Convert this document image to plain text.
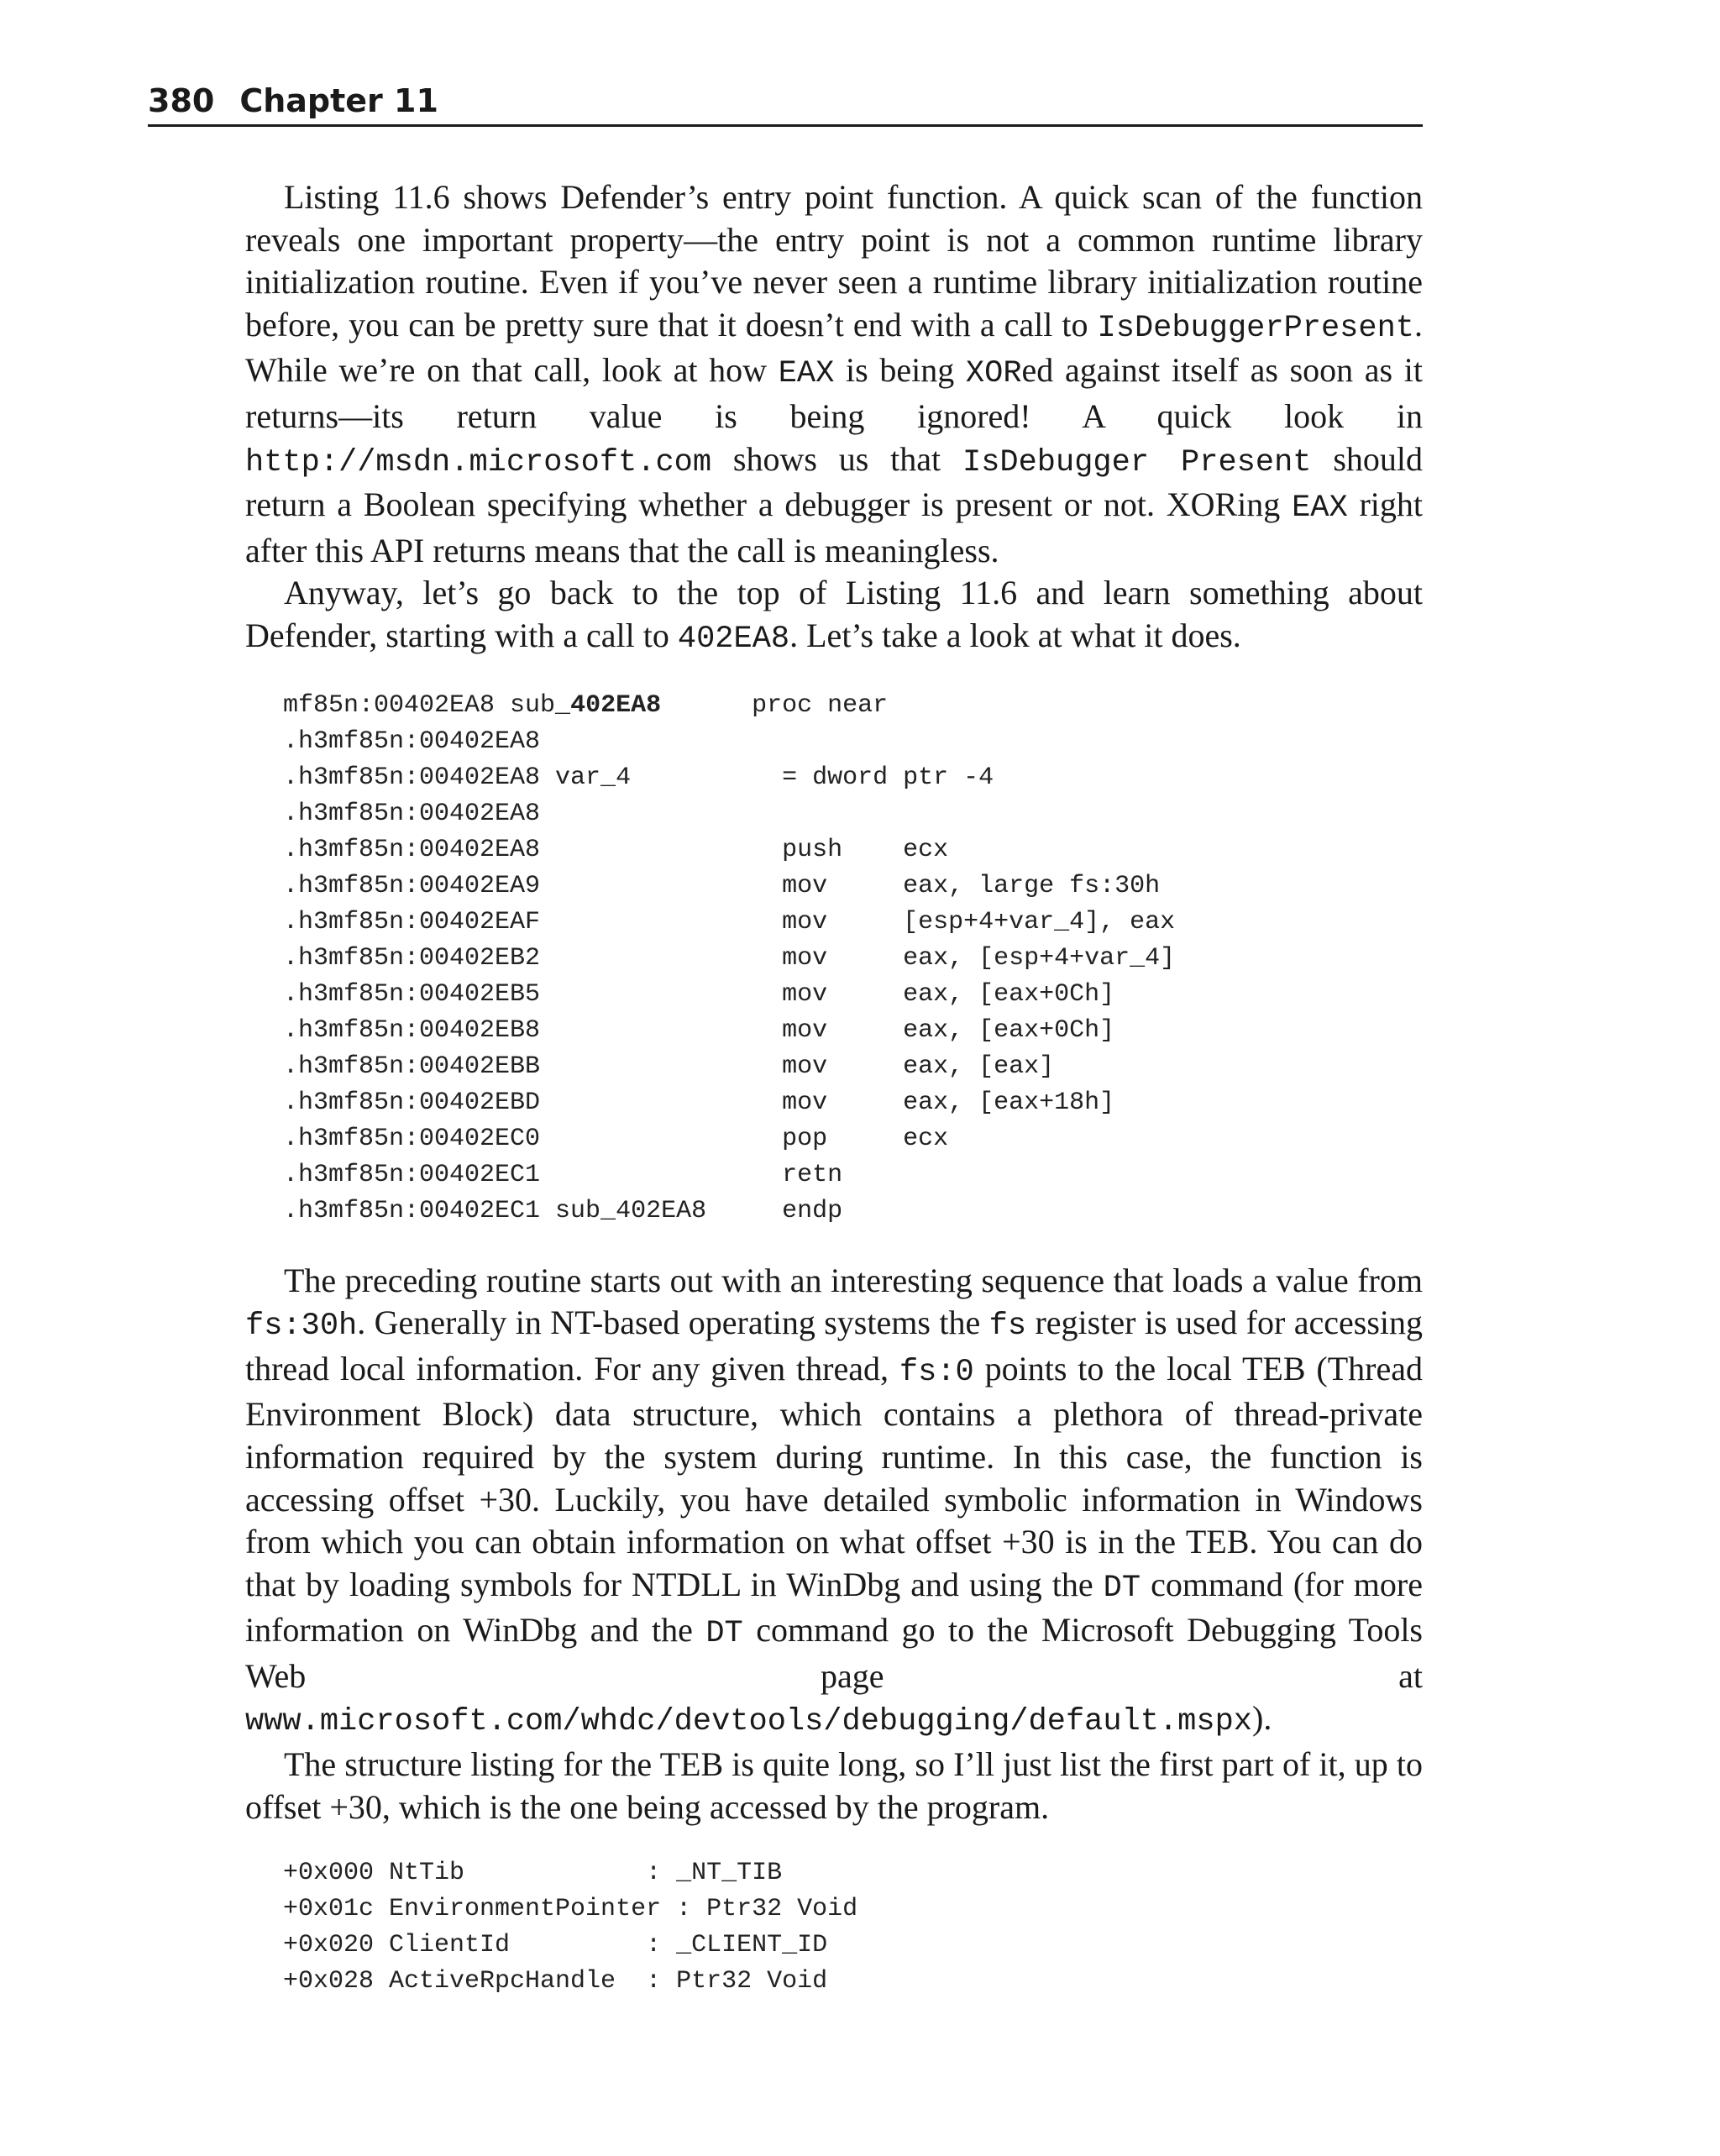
380 Chapter 11

Listing 11.6 shows Defender’s entry point function. A quick scan of the function reveals one important property—the entry point is not a common runtime library initialization routine. Even if you’ve never seen a runtime library initialization routine before, you can be pretty sure that it doesn’t end with a call to IsDebuggerPresent. While we’re on that call, look at how EAX is being XORed against itself as soon as it returns—its return value is being ignored! A quick look in http://msdn.microsoft.com shows us that IsDebugger Present should return a Boolean specifying whether a debugger is present or not. XORing EAX right after this API returns means that the call is meaningless.

Anyway, let’s go back to the top of Listing 11.6 and learn something about Defender, starting with a call to 402EA8. Let’s take a look at what it does.

mf85n:00402EA8 sub_402EA8      proc near
.h3mf85n:00402EA8
.h3mf85n:00402EA8 var_4          = dword ptr -4
.h3mf85n:00402EA8
.h3mf85n:00402EA8                push    ecx
.h3mf85n:00402EA9                mov     eax, large fs:30h
.h3mf85n:00402EAF                mov     [esp+4+var_4], eax
.h3mf85n:00402EB2                mov     eax, [esp+4+var_4]
.h3mf85n:00402EB5                mov     eax, [eax+0Ch]
.h3mf85n:00402EB8                mov     eax, [eax+0Ch]
.h3mf85n:00402EBB                mov     eax, [eax]
.h3mf85n:00402EBD                mov     eax, [eax+18h]
.h3mf85n:00402EC0                pop     ecx
.h3mf85n:00402EC1                retn
.h3mf85n:00402EC1 sub_402EA8     endp

The preceding routine starts out with an interesting sequence that loads a value from fs:30h. Generally in NT-based operating systems the fs register is used for accessing thread local information. For any given thread, fs:0 points to the local TEB (Thread Environment Block) data structure, which contains a plethora of thread-private information required by the system during runtime. In this case, the function is accessing offset +30. Luckily, you have detailed symbolic information in Windows from which you can obtain information on what offset +30 is in the TEB. You can do that by loading symbols for NTDLL in WinDbg and using the DT command (for more information on WinDbg and the DT command go to the Microsoft Debugging Tools Web page at www.microsoft.com/whdc/devtools/debugging/default.mspx).

The structure listing for the TEB is quite long, so I’ll just list the first part of it, up to offset +30, which is the one being accessed by the program.

+0x000 NtTib            : _NT_TIB
+0x01c EnvironmentPointer : Ptr32 Void
+0x020 ClientId         : _CLIENT_ID
+0x028 ActiveRpcHandle  : Ptr32 Void
